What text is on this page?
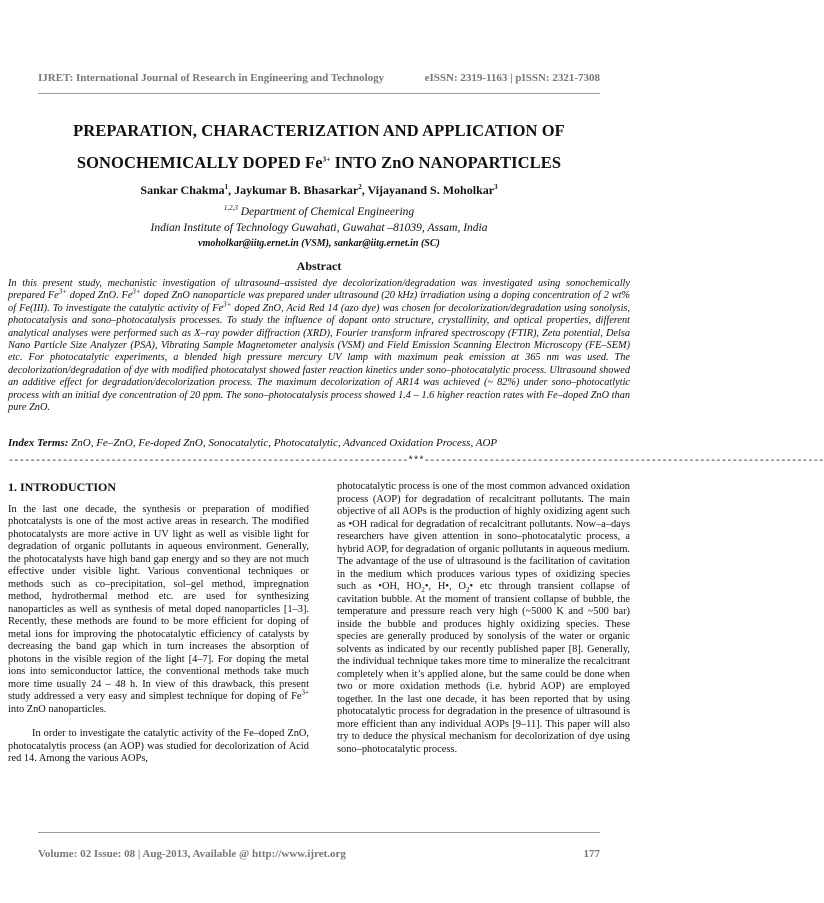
IJRET: International Journal of Research in Engineering and Technology	eISSN: 2319-1163 | pISSN: 2321-7308
PREPARATION, CHARACTERIZATION AND APPLICATION OF
SONOCHEMICALLY DOPED $Fe^{3+}$ INTO ZnO NANOPARTICLES
Sankar Chakma$^1$, Jaykumar B. Bhasarkar$^2$, Vijayanand S. Moholkar$^3$
$^{1,2,3}$ Department of Chemical Engineering
Indian Institute of Technology Guwahati, Guwahat –81039, Assam, India
vmoholkar@iitg.ernet.in (VSM), sankar@iitg.ernet.in (SC)
Abstract
In this present study, mechanistic investigation of ultrasound–assisted dye decolorization/degradation was investigated using sonochemically prepared $Fe^{3+}$ doped ZnO. $Fe^{3+}$ doped ZnO nanoparticle was prepared under ultrasound (20 kHz) irradiation using a doping concentration of 2 wt% of Fe(III). To investigate the catalytic activity of $Fe^{3+}$ doped ZnO, Acid Red 14 (azo dye) was chosen for decolorization/degradation using sonolysis, photocatalysis and sono–photocatalysis processes. To study the influence of dopant onto structure, crystallinity, and optical properties, different analytical analyses were performed such as X–ray powder diffraction (XRD), Fourier transform infrared spectroscopy (FTIR), Zeta potential, Delsa Nano Particle Size Analyzer (PSA), Vibrating Sample Magnetometer analysis (VSM) and Field Emission Scanning Electron Microscopy (FE–SEM) etc. For photocatalytic experiments, a blended high pressure mercury UV lamp with maximum peak emission at 365 nm was used. The decolorization/degradation of dye with modified photocatalyst showed faster reaction kinetics under sono–photocatalytic process. Ultrasound showed an additive effect for degradation/decolorization process. The maximum decolorization of AR14 was achieved (~ 82%) under sono–photocatlytic process with an initial dye concentration of 20 ppm. The sono–photocatalysis process showed 1.4 – 1.6 higher reaction rates with Fe–doped ZnO than pure ZnO.
Index Terms: ZnO, Fe–ZnO, Fe-doped ZnO, Sonocatalytic, Photocatalytic, Advanced Oxidation Process, AOP
--------------------------------------------------------------------------***--------------------------------------------------------------------------
1. INTRODUCTION

In the last one decade, the synthesis or preparation of modified photcatalysts is one of the most active areas in research. The modified photocatalysts are more active in UV light as well as visible light for degradation of organic pollutants in aqueous environment. Generally, the photocatalysts have high band gap energy and so they are not much effective under visible light. Various conventional techniques or methods such as co–precipitation, sol–gel method, impregnation method, hydrothermal method etc. are used for synthesizing nanoparticles as well as synthesis of metal doped nanoparticles [1–3]. Recently, these methods are found to be more efficient for doping of metal ions for improving the photocatalytic efficiency of catalysts by decreasing the band gap which in turn increases the absorption of photons in the visible region of the light [4–7]. For doping the metal ions into semiconductor lattice, the conventional methods take much more time usually 24 – 48 h. In view of this drawback, this present study addressed a very easy and simplest technique for doping of $Fe^{3+}$ into ZnO nanoparticles.

In order to investigate the catalytic activity of the Fe–doped ZnO, photocatalytis process (an AOP) was studied for decolorization of Acid red 14. Among the various AOPs,

photocatalytic process is one of the most common advanced oxidation process (AOP) for degradation of recalcitrant pollutants. The main objective of all AOPs is the production of highly oxidizing agent such as •OH radical for degradation of recalcitrant pollutants. Now–a–days researchers have given attention in sono–photocatalytic process, a hybrid AOP, for degradation of organic pollutants in aqueous medium. The advantage of the use of ultrasound is the facilitation of cavitation in the medium which produces various types of oxidizing species such as •OH, $HO_2•$, H•, $O_2•$ etc through transient collapse of cavitation bubble. At the moment of transient collapse of bubble, the temperature and pressure reach very high (~5000 K and ~500 bar) inside the bubble and produces highly oxidizing species. These species are generally produced by sonolysis of the water or organic solvents as indicated by our recently published paper [8]. Generally, the individual technique takes more time to mineralize the recalcitrant completely when it’s applied alone, but the same could be done when two or more oxidation methods (i.e. hybrid AOP) are employed together. In the last one decade, it has been reported that by using photocatalytic process for degradation in the presence of ultrasound is more efficient than any individual AOPs [9–11]. This paper will also try to deduce the physical mechanism for decolorization of dye using sono–photocatalytic process.

Volume: 02 Issue: 08 | Aug-2013, Available @ http://www.ijret.org	177
